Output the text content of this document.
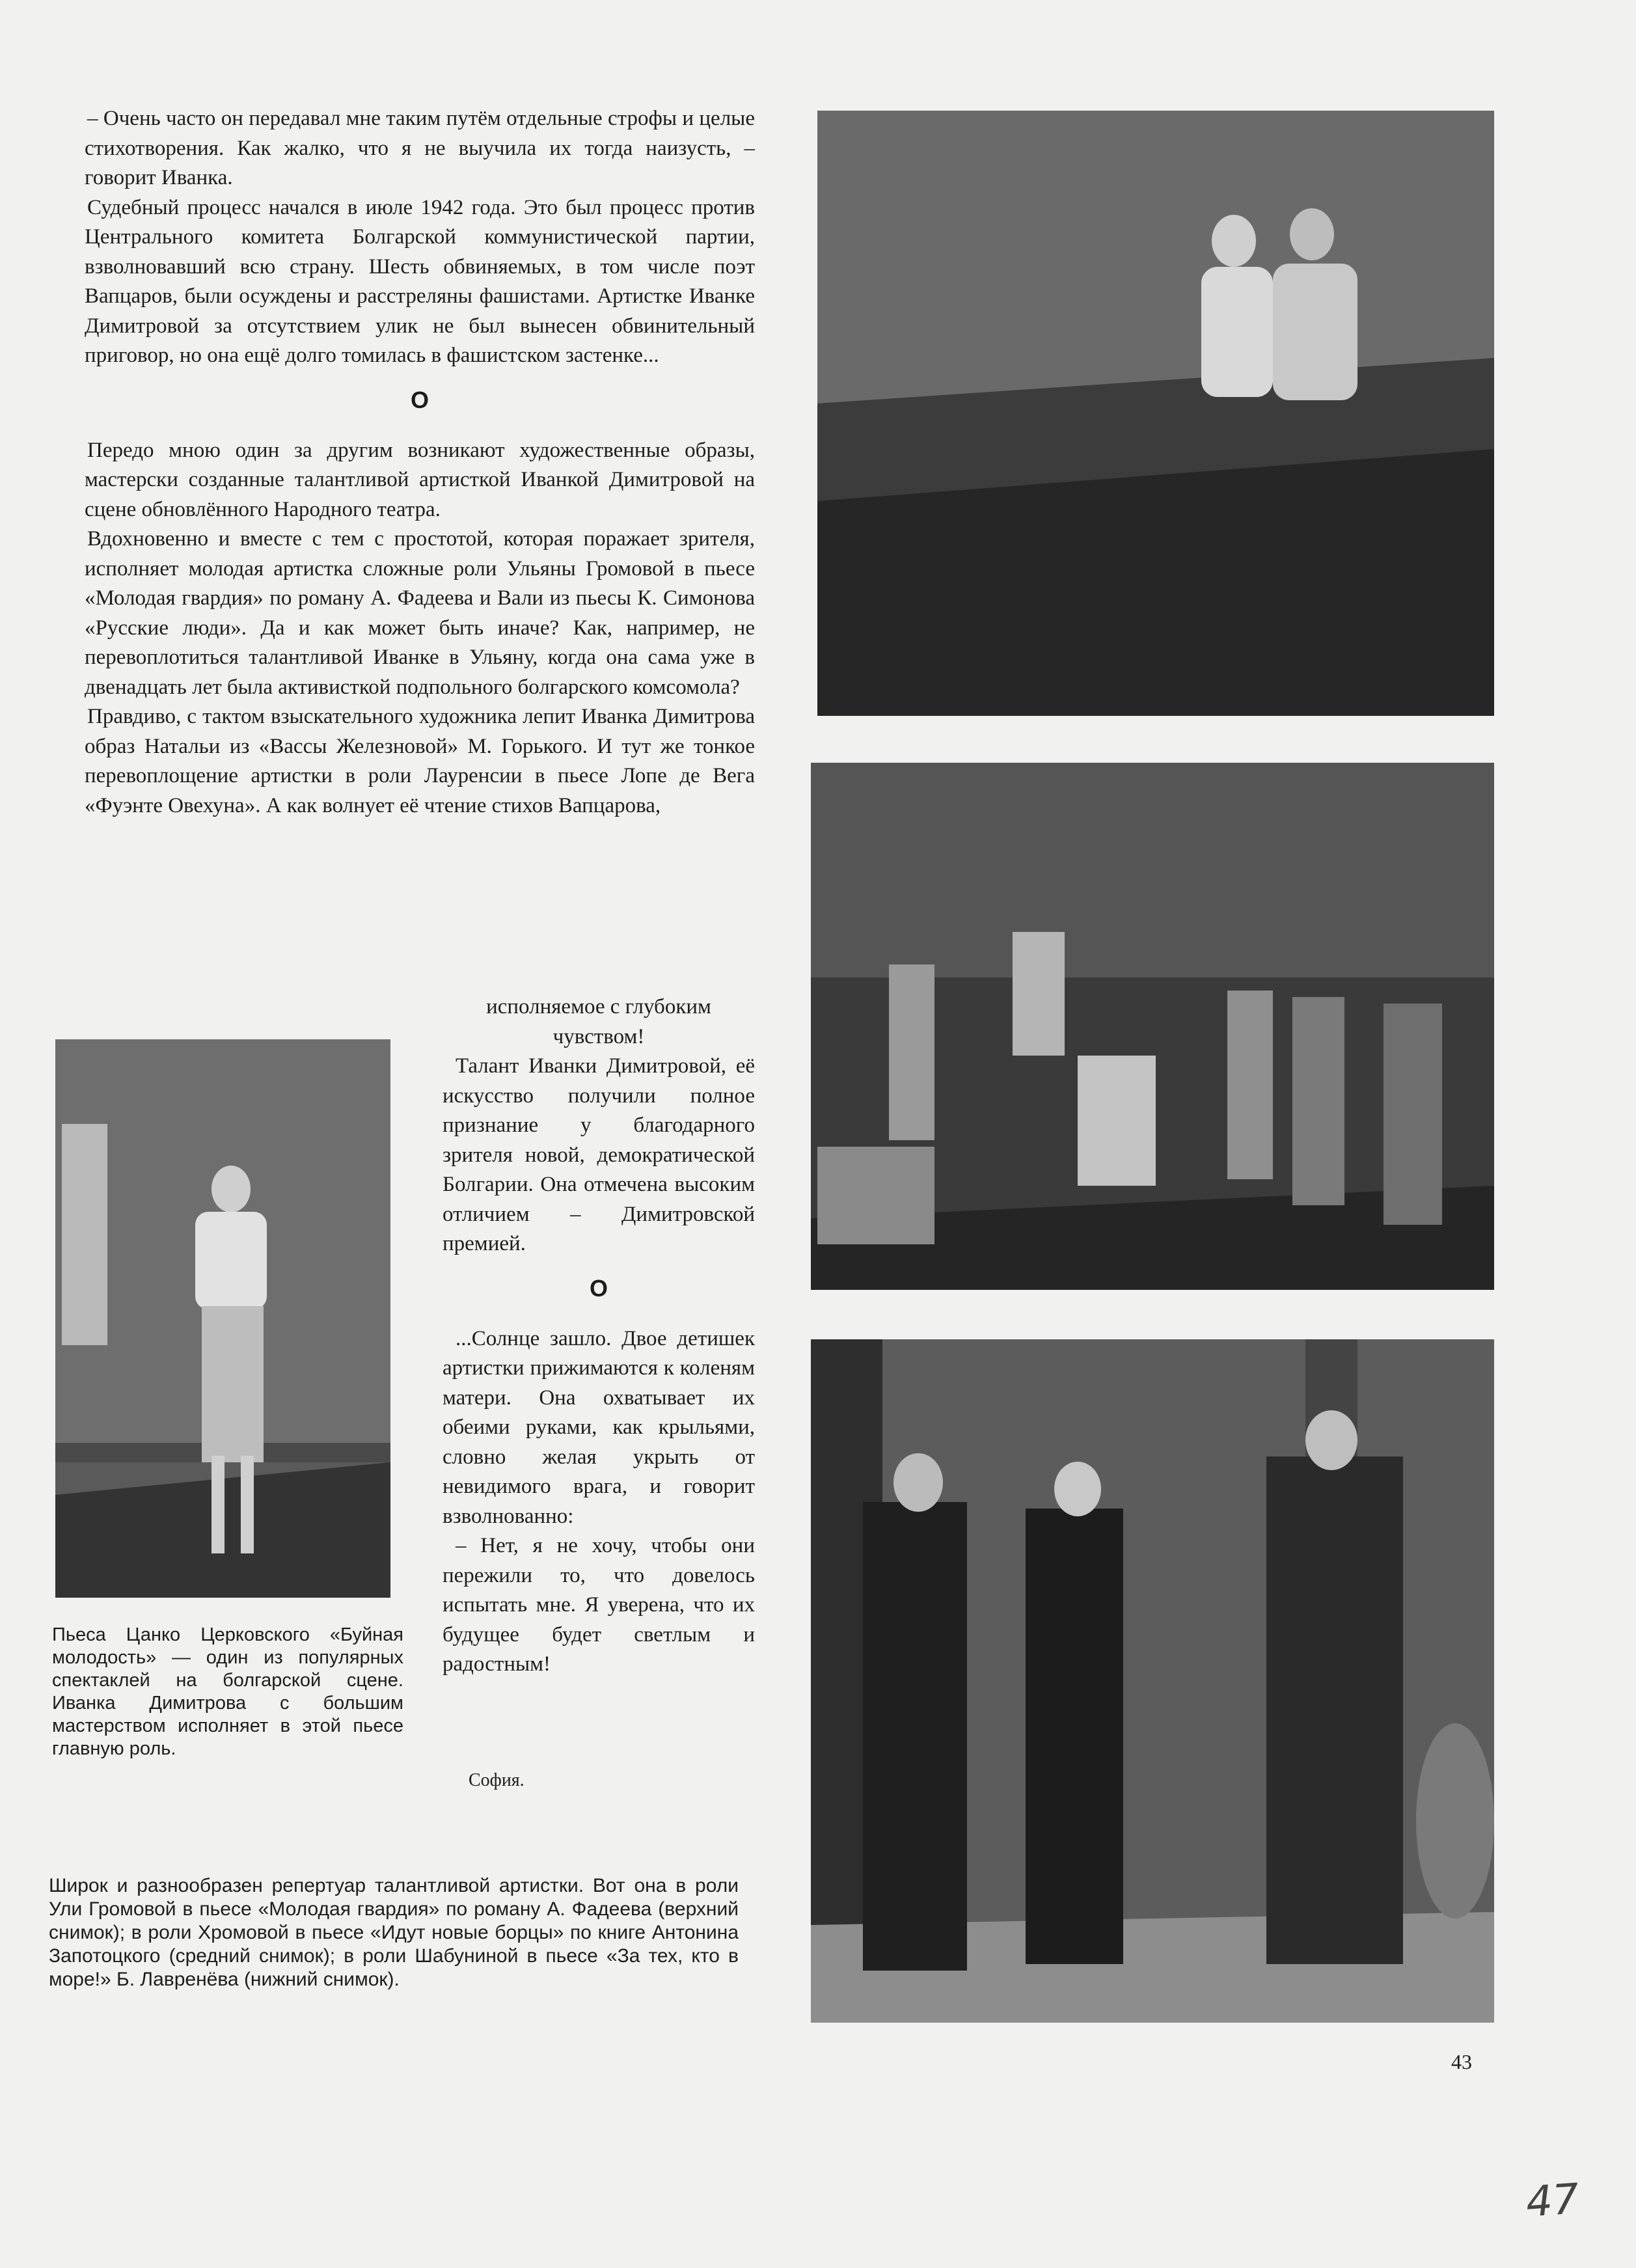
– Очень часто он передавал мне таким путём отдельные строфы и целые стихотворения. Как жалко, что я не выучила их тогда наизусть, – говорит Иванка.

Судебный процесс начался в июле 1942 года. Это был процесс против Центрального комитета Болгарской коммунистической партии, взволновавший всю страну. Шесть обвиняемых, в том числе поэт Вапцаров, были осуждены и расстреляны фашистами. Артистке Иванке Димитровой за отсутствием улик не был вынесен обвинительный приговор, но она ещё долго томилась в фашистском застенке...

О

Передо мною один за другим возникают художественные образы, мастерски созданные талантливой артисткой Иванкой Димитровой на сцене обновлённого Народного театра.

Вдохновенно и вместе с тем с простотой, которая поражает зрителя, исполняет молодая артистка сложные роли Ульяны Громовой в пьесе «Молодая гвардия» по роману А. Фадеева и Вали из пьесы К. Симонова «Русские люди». Да и как может быть иначе? Как, например, не перевоплотиться талантливой Иванке в Ульяну, когда она сама уже в двенадцать лет была активисткой подпольного болгарского комсомола?

Правдиво, с тактом взыскательного художника лепит Иванка Димитрова образ Натальи из «Вассы Железновой» М. Горького. И тут же тонкое перевоплощение артистки в роли Лауренсии в пьесе Лопе де Вега «Фуэнте Овехуна». А как волнует её чтение стихов Вапцарова,

исполняемое с глубоким чувством!

Талант Иванки Димитровой, её искусство получили полное признание у благодарного зрителя новой, демократической Болгарии. Она отмечена высоким отличием – Димитровской премией.

О

...Солнце зашло. Двое детишек артистки прижимаются к коленям матери. Она охватывает их обеими руками, как крыльями, словно желая укрыть от невидимого врага, и говорит взволнованно:

– Нет, я не хочу, чтобы они пережили то, что довелось испытать мне. Я уверена, что их будущее будет светлым и радостным!

София.
Пьеса Цанко Церковского «Буйная молодость» — один из популярных спектаклей на болгарской сцене. Иванка Димитрова с большим мастерством исполняет в этой пьесе главную роль.
Широк и разнообразен репертуар талантливой артистки. Вот она в роли Ули Громовой в пьесе «Молодая гвардия» по роману А. Фадеева (верхний снимок); в роли Хромовой в пьесе «Идут новые борцы» по книге Антонина Запотоцкого (средний снимок); в роли Шабуниной в пьесе «За тех, кто в море!» Б. Лавренёва (нижний снимок).
43
47
